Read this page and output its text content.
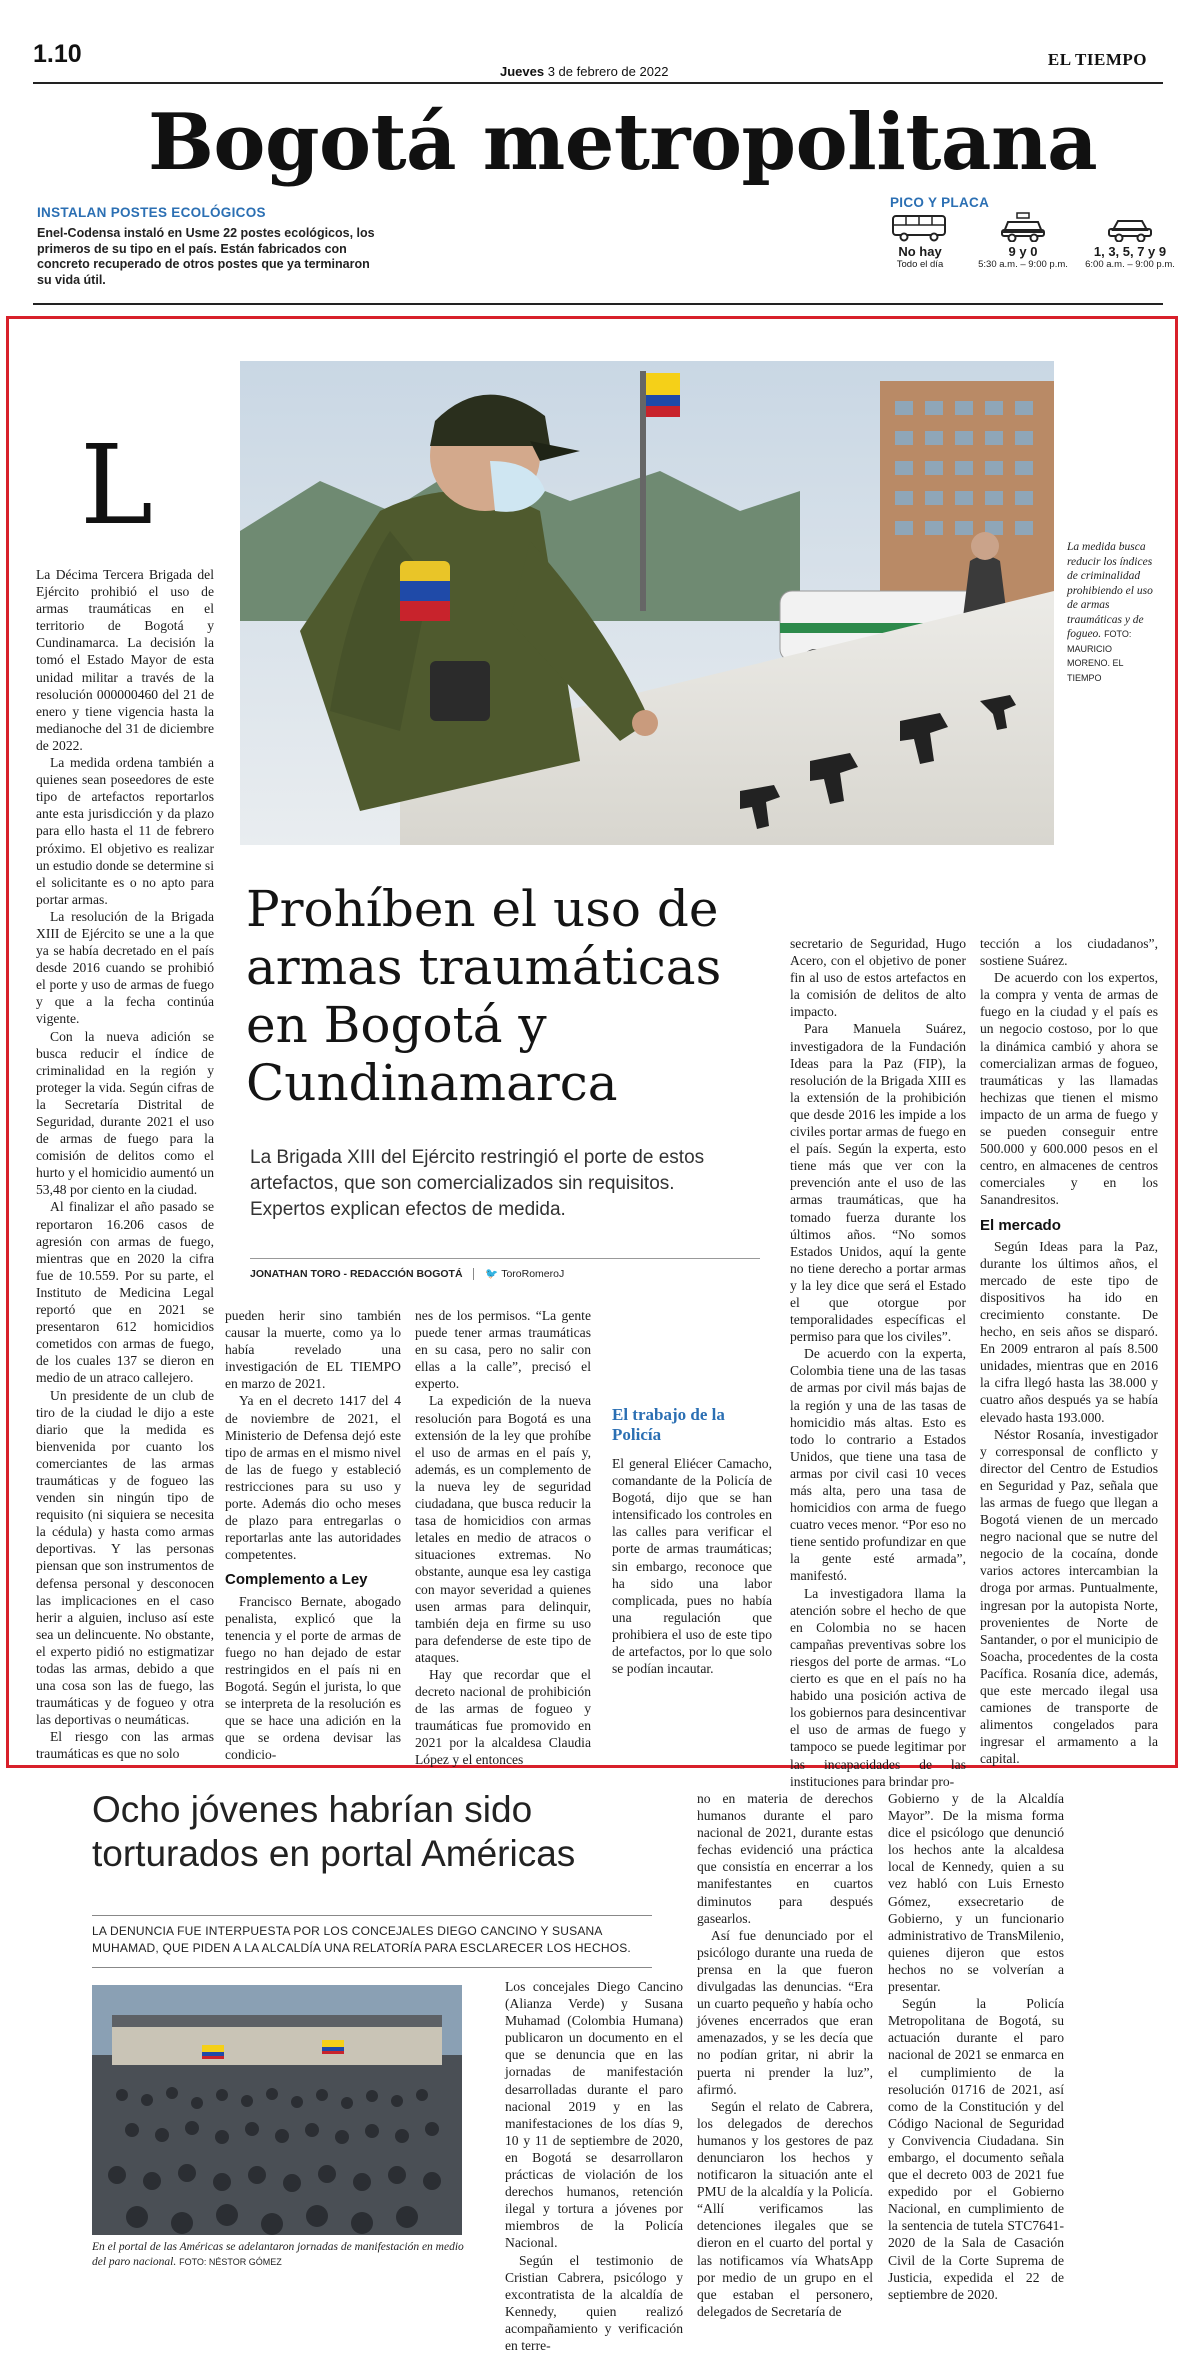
1.10
Jueves 3 de febrero de 2022
EL TIEMPO
Bogotá metropolitana
INSTALAN POSTES ECOLÓGICOS
Enel-Codensa instaló en Usme 22 postes ecológicos, los primeros de su tipo en el país. Están fabricados con concreto recuperado de otros postes que ya terminaron su vida útil.
PICO Y PLACA
No hay
Todo el día
9 y 0
5:30 a.m. – 9:00 p.m.
1, 3, 5, 7 y 9
6:00 a.m. – 9:00 p.m.
La medida busca reducir los índices de criminalidad prohibiendo el uso de armas traumáticas y de fogueo. FOTO: MAURICIO MORENO. EL TIEMPO
L

La Décima Tercera Brigada del Ejército prohibió el uso de armas traumáticas en el territorio de Bogotá y Cundinamarca. La decisión la tomó el Estado Mayor de esta unidad militar a través de la resolución 000000460 del 21 de enero y tiene vigencia hasta la medianoche del 31 de diciembre de 2022.

La medida ordena también a quienes sean poseedores de este tipo de artefactos reportarlos ante esta jurisdicción y da plazo para ello hasta el 11 de febrero próximo. El objetivo es realizar un estudio donde se determine si el solicitante es o no apto para portar armas.

La resolución de la Brigada XIII de Ejército se une a la que ya se había decretado en el país desde 2016 cuando se prohibió el porte y uso de armas de fuego y que a la fecha continúa vigente.

Con la nueva adición se busca reducir el índice de criminalidad en la región y proteger la vida. Según cifras de la Secretaría Distrital de Seguridad, durante 2021 el uso de armas de fuego para la comisión de delitos como el hurto y el homicidio aumentó un 53,48 por ciento en la ciudad.

Al finalizar el año pasado se reportaron 16.206 casos de agresión con armas de fuego, mientras que en 2020 la cifra fue de 10.559. Por su parte, el Instituto de Medicina Legal reportó que en 2021 se presentaron 612 homicidios cometidos con armas de fuego, de los cuales 137 se dieron en medio de un atraco callejero.

Un presidente de un club de tiro de la ciudad le dijo a este diario que la medida es bienvenida por cuanto los comerciantes de las armas traumáticas y de fogueo las venden sin ningún tipo de requisito (ni siquiera se necesita la cédula) y hasta como armas deportivas. Y las personas piensan que son instrumentos de defensa personal y desconocen las implicaciones en el caso herir a alguien, incluso así este sea un delincuente. No obstante, el experto pidió no estigmatizar todas las armas, debido a que una cosa son las de fuego, las traumáticas y de fogueo y otra las deportivas o neumáticas.

El riesgo con las armas traumáticas es que no solo

Prohíben el uso de armas traumáticas en Bogotá y Cundinamarca
La Brigada XIII del Ejército restringió el porte de estos artefactos, que son comercializados sin requisitos. Expertos explican efectos de medida.
JONATHAN TORO - REDACCIÓN BOGOTÁ 🐦 ToroRomeroJ

pueden herir sino también causar la muerte, como ya lo había revelado una investigación de EL TIEMPO en marzo de 2021.

Ya en el decreto 1417 del 4 de noviembre de 2021, el Ministerio de Defensa dejó este tipo de armas en el mismo nivel de las de fuego y estableció restricciones para su uso y porte. Además dio ocho meses de plazo para entregarlas o reportarlas ante las autoridades competentes.

Complemento a Ley

Francisco Bernate, abogado penalista, explicó que la tenencia y el porte de armas de fuego no han dejado de estar restringidos en el país ni en Bogotá. Según el jurista, lo que se interpreta de la resolución es que se hace una adición en la que se ordena devisar las condicio-

nes de los permisos. “La gente puede tener armas traumáticas en su casa, pero no salir con ellas a la calle”, precisó el experto.

La expedición de la nueva resolución para Bogotá es una extensión de la ley que prohíbe el uso de armas en el país y, además, es un complemento de la nueva ley de seguridad ciudadana, que busca reducir la tasa de homicidios con armas letales en medio de atracos o situaciones extremas. No obstante, aunque esa ley castiga con mayor severidad a quienes usen armas para delinquir, también deja en firme su uso para defenderse de este tipo de ataques.

Hay que recordar que el decreto nacional de prohibición de las armas de fogueo y traumáticas fue promovido en 2021 por la alcaldesa Claudia López y el entonces

El trabajo de la Policía
El general Eliécer Camacho, comandante de la Policía de Bogotá, dijo que se han intensificado los controles en las calles para verificar el porte de armas traumáticas; sin embargo, reconoce que ha sido una labor complicada, pues no había una regulación que prohibiera el uso de este tipo de artefactos, por lo que solo se podían incautar.

secretario de Seguridad, Hugo Acero, con el objetivo de poner fin al uso de estos artefactos en la comisión de delitos de alto impacto.

Para Manuela Suárez, investigadora de la Fundación Ideas para la Paz (FIP), la resolución de la Brigada XIII es la extensión de la prohibición que desde 2016 les impide a los civiles portar armas de fuego en el país. Según la experta, esto tiene más que ver con la prevención ante el uso de las armas traumáticas, que ha tomado fuerza durante los últimos años. “No somos Estados Unidos, aquí la gente no tiene derecho a portar armas y la ley dice que será el Estado el que otorgue por temporalidades específicas el permiso para que los civiles”.

De acuerdo con la experta, Colombia tiene una de las tasas de armas por civil más bajas de la región y una de las tasas de homicidio más altas. Esto es todo lo contrario a Estados Unidos, que tiene una tasa de armas por civil casi 10 veces más alta, pero una tasa de homicidios con arma de fuego cuatro veces menor. “Por eso no tiene sentido profundizar en que la gente esté armada”, manifestó.

La investigadora llama la atención sobre el hecho de que en Colombia no se hacen campañas preventivas sobre los riesgos del porte de armas. “Lo cierto es que en el país no ha habido una posición activa de los gobiernos para desincentivar el uso de armas de fuego y tampoco se puede legitimar por las incapacidades de las instituciones para brindar pro-

tección a los ciudadanos”, sostiene Suárez.

De acuerdo con los expertos, la compra y venta de armas de fuego en la ciudad y el país es un negocio costoso, por lo que la dinámica cambió y ahora se comercializan armas de fogueo, traumáticas y las llamadas hechizas que tienen el mismo impacto de un arma de fuego y se pueden conseguir entre 500.000 y 600.000 pesos en el centro, en almacenes de centros comerciales y en los Sanandresitos.

El mercado

Según Ideas para la Paz, durante los últimos años, el mercado de este tipo de dispositivos ha ido en crecimiento constante. De hecho, en seis años se disparó. En 2009 entraron al país 8.500 unidades, mientras que en 2016 la cifra llegó hasta las 38.000 y cuatro años después ya se había elevado hasta 193.000.

Néstor Rosanía, investigador y corresponsal de conflicto y director del Centro de Estudios en Seguridad y Paz, señala que las armas de fuego que llegan a Bogotá vienen de un mercado negro nacional que se nutre del negocio de la cocaína, donde varios actores intercambian la droga por armas. Puntualmente, ingresan por la autopista Norte, provenientes de Norte de Santander, o por el municipio de Soacha, procedentes de la costa Pacífica. Rosanía dice, además, que este mercado ilegal usa camiones de transporte de alimentos congelados para ingresar el armamento a la capital.

Ocho jóvenes habrían sido torturados en portal Américas
LA DENUNCIA FUE INTERPUESTA POR LOS CONCEJALES DIEGO CANCINO Y SUSANA MUHAMAD, QUE PIDEN A LA ALCALDÍA UNA RELATORÍA PARA ESCLARECER LOS HECHOS.
En el portal de las Américas se adelantaron jornadas de manifestación en medio del paro nacional. FOTO: NÉSTOR GÓMEZ

Los concejales Diego Cancino (Alianza Verde) y Susana Muhamad (Colombia Humana) publicaron un documento en el que se denuncia que en las jornadas de manifestación desarrolladas durante el paro nacional 2019 y en las manifestaciones de los días 9, 10 y 11 de septiembre de 2020, en Bogotá se desarrollaron prácticas de violación de los derechos humanos, retención ilegal y tortura a jóvenes por miembros de la Policía Nacional.

Según el testimonio de Cristian Cabrera, psicólogo y excontratista de la alcaldía de Kennedy, quien realizó acompañamiento y verificación en terre-

no en materia de derechos humanos durante el paro nacional de 2021, durante estas fechas evidenció una práctica que consistía en encerrar a los manifestantes en cuartos diminutos para después gasearlos.

Así fue denunciado por el psicólogo durante una rueda de prensa en la que fueron divulgadas las denuncias. “Era un cuarto pequeño y había ocho jóvenes encerrados que eran amenazados, y se les decía que no podían gritar, ni abrir la puerta ni prender la luz”, afirmó.

Según el relato de Cabrera, los delegados de derechos humanos y los gestores de paz denunciaron los hechos y notificaron la situación ante el PMU de la alcaldía y la Policía. “Allí verificamos las detenciones ilegales que se dieron en el cuarto del portal y las notificamos vía WhatsApp por medio de un grupo en el que estaban el personero, delegados de Secretaría de

Gobierno y de la Alcaldía Mayor”. De la misma forma dice el psicólogo que denunció los hechos ante la alcaldesa local de Kennedy, quien a su vez habló con Luis Ernesto Gómez, exsecretario de Gobierno, y un funcionario administrativo de TransMilenio, quienes dijeron que estos hechos no se volverían a presentar.

Según la Policía Metropolitana de Bogotá, su actuación durante el paro nacional de 2021 se enmarca en el cumplimiento de la resolución 01716 de 2021, así como de la Constitución y del Código Nacional de Seguridad y Convivencia Ciudadana. Sin embargo, el documento señala que el decreto 003 de 2021 fue expedido por el Gobierno Nacional, en cumplimiento de la sentencia de tutela STC7641-2020 de la Sala de Casación Civil de la Corte Suprema de Justicia, expedida el 22 de septiembre de 2020.
